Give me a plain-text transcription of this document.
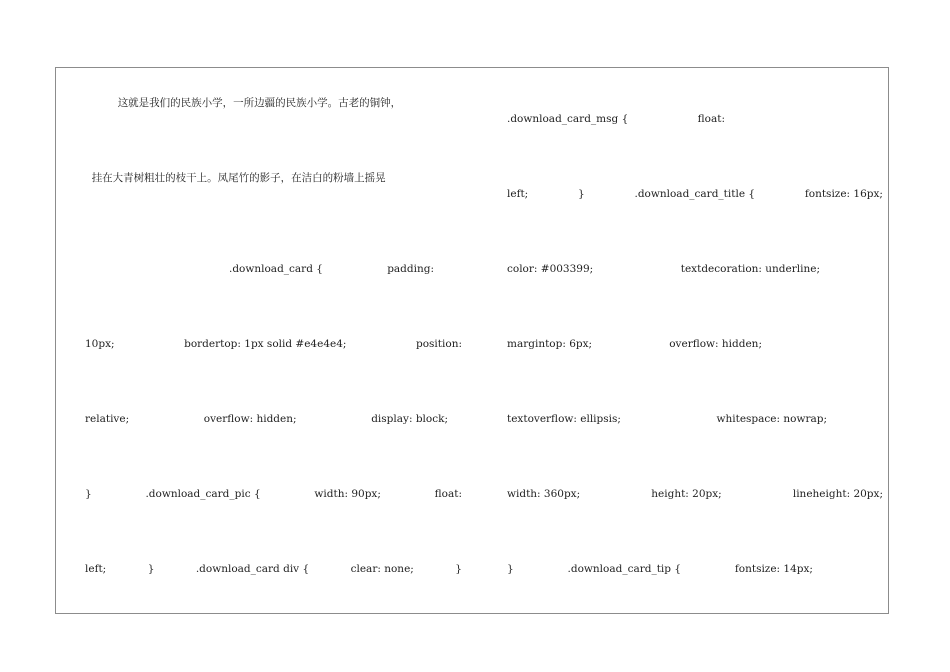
这就是我们的民族小学，一所边疆的民族小学。古老的铜钟，

挂在大青树粗壮的枝干上。凤尾竹的影子，在洁白的粉墙上摇晃

.download_card {	padding:

10px;	bordertop: 1px solid #e4e4e4;	position:

relative;	overflow: hidden;	display: block;

}	.download_card_pic {	width: 90px;	float:

left;	}	.download_card div {	clear: none;	}

.download_card_msg {	float:

left;	}	.download_card_title {	fontsize: 16px;

color: #003399;	textdecoration: underline;

margintop: 6px;	overflow: hidden;

textoverflow: ellipsis;	whitespace: nowrap;

width: 360px;	height: 20px;	lineheight: 20px;

}	.download_card_tip {	fontsize: 14px;
